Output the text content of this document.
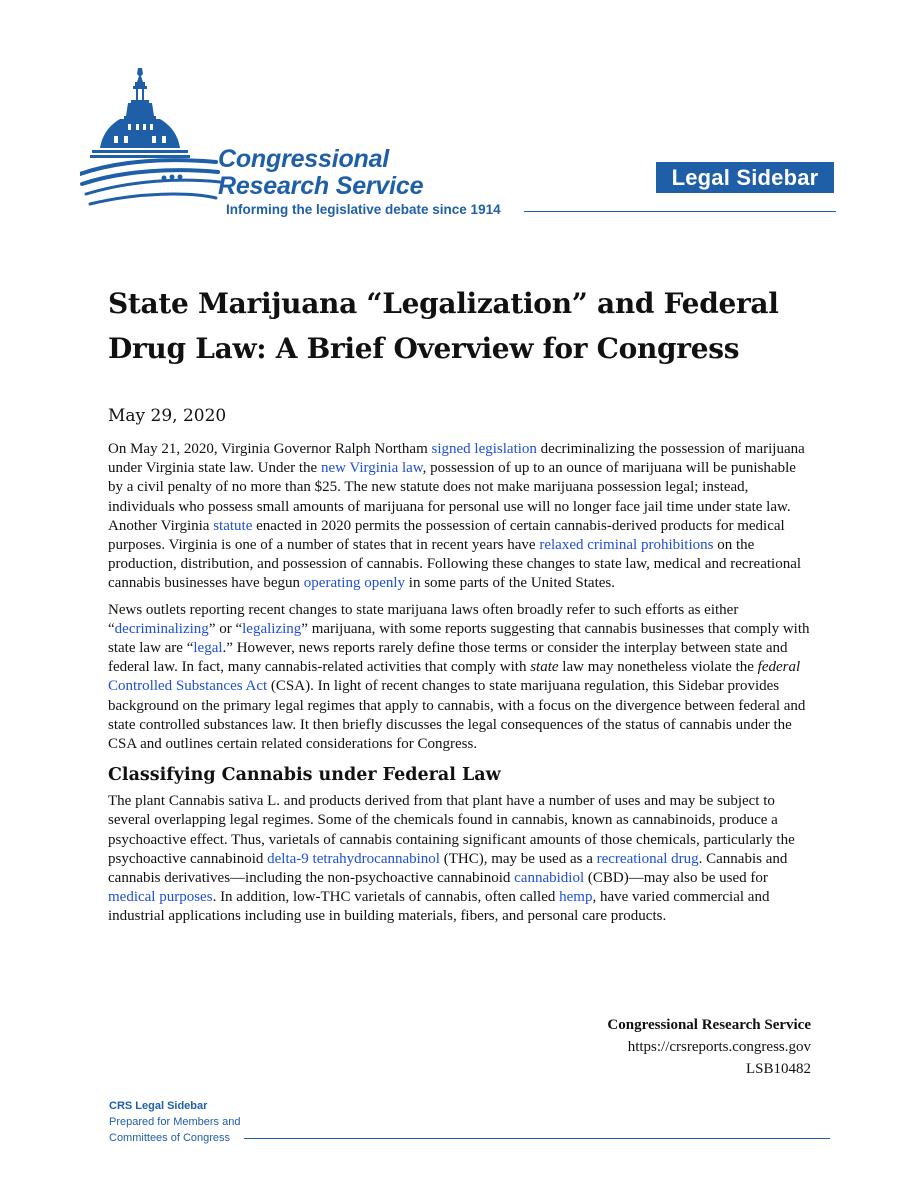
Congressional
Research Service
Informing the legislative debate since 1914
Legal Sidebar
State Marijuana “Legalization” and Federal Drug Law: A Brief Overview for Congress

May 29, 2020

On May 21, 2020, Virginia Governor Ralph Northam signed legislation decriminalizing the possession of marijuana under Virginia state law. Under the new Virginia law, possession of up to an ounce of marijuana will be punishable by a civil penalty of no more than $25. The new statute does not make marijuana possession legal; instead, individuals who possess small amounts of marijuana for personal use will no longer face jail time under state law. Another Virginia statute enacted in 2020 permits the possession of certain cannabis-derived products for medical purposes. Virginia is one of a number of states that in recent years have relaxed criminal prohibitions on the production, distribution, and possession of cannabis. Following these changes to state law, medical and recreational cannabis businesses have begun operating openly in some parts of the United States.

News outlets reporting recent changes to state marijuana laws often broadly refer to such efforts as either “decriminalizing” or “legalizing” marijuana, with some reports suggesting that cannabis businesses that comply with state law are “legal.” However, news reports rarely define those terms or consider the interplay between state and federal law. In fact, many cannabis-related activities that comply with state law may nonetheless violate the federal Controlled Substances Act (CSA). In light of recent changes to state marijuana regulation, this Sidebar provides background on the primary legal regimes that apply to cannabis, with a focus on the divergence between federal and state controlled substances law. It then briefly discusses the legal consequences of the status of cannabis under the CSA and outlines certain related considerations for Congress.

Classifying Cannabis under Federal Law

The plant Cannabis sativa L. and products derived from that plant have a number of uses and may be subject to several overlapping legal regimes. Some of the chemicals found in cannabis, known as cannabinoids, produce a psychoactive effect. Thus, varietals of cannabis containing significant amounts of those chemicals, particularly the psychoactive cannabinoid delta-9 tetrahydrocannabinol (THC), may be used as a recreational drug. Cannabis and cannabis derivatives—including the non-psychoactive cannabinoid cannabidiol (CBD)—may also be used for medical purposes. In addition, low-THC varietals of cannabis, often called hemp, have varied commercial and industrial applications including use in building materials, fibers, and personal care products.

Congressional Research Service
https://crsreports.congress.gov
LSB10482
CRS Legal Sidebar
Prepared for Members and
Committees of Congress
